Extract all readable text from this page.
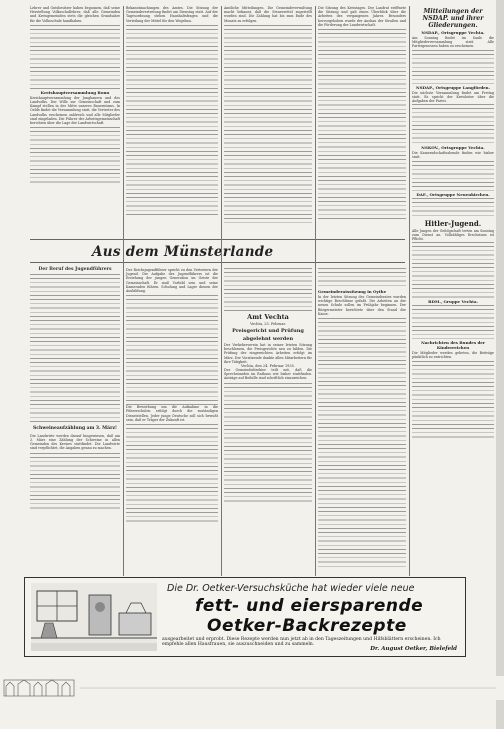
Lehrer und Gutsbesitzer haben begonnen, daß seine Herstellung Volksschullehrer, daß alle Gemeinden und Kreisgemeinden stets die gleichen Grundsätze für die Volksschule handhaben.
Kreishauptversammlung Bonn
Kreishauptversammlung der Jungbauern und des Landvolks. Der Wille zur Gemeinschaft und zum Kampf stellen in der Mitte unseres Bauerntums. In Oelde findet die Versammlung statt, die Vertreter des Landvolks erscheinen zahlreich und alle Mitglieder sind eingeladen. Die Führer der Arbeitsgemeinschaft berichten über die Lage der Landwirtschaft.
Aus dem Münsterlande
Der Beruf des Jugendführers
Schweineaufzählung am 3. März!
Die Landwirte werden darauf hingewiesen, daß am 3. März eine Zählung der Schweine in allen Gemeinden des Kreises stattfindet. Die Landwirte sind verpflichtet, die Angaben genau zu machen.
Bekanntmachungen des Amtes. Die Sitzung der Gemeindevertretung findet am Dienstag statt. Auf der Tagesordnung stehen Haushaltsfragen und die Verteilung der Mittel für den Wegebau.
Der Reichsjugendführer spricht zu den Vertretern der Jugend. Die Aufgabe des Jugendführers ist die Erziehung der jungen Generation im Geiste der Gemeinschaft. Er muß Vorbild sein und seine Kameraden führen. Schulung und Lager dienen der Ausbildung.
Die Bewerbung um die Aufnahme in die Führerschulen erfolgt durch die zuständigen Dienststellen. Jeder junge Deutsche soll sich bewußt sein, daß er Träger der Zukunft ist.
Amtliche Mitteilungen. Die Gemeindeverwaltung macht bekannt, daß die Steuerzettel zugestellt worden sind. Die Zahlung hat bis zum Ende des Monats zu erfolgen.
Amt Vechta
Vechta, 25. Februar.
Preisgericht und Prüfung
abgelehnt werden
Der Verkehrsverein hat in seiner letzten Sitzung beschlossen, die Preisgerichte neu zu bilden. Die Prüfung der eingereichten Arbeiten erfolgt im März. Der Vorsitzende dankte allen Mitarbeitern für ihre Tätigkeit.
Vechta, den 24. Februar 1935.
Der Gemeindedirektor teilt mit, daß die Sprechstunden im Rathaus wie bisher stattfinden. Anträge auf Beihilfe sind schriftlich einzureichen.
Die Sitzung des Kreistages. Der Landrat eröffnete die Sitzung und gab einen Überblick über die Arbeiten des vergangenen Jahres. Besonders hervorgehoben wurde der Ausbau der Straßen und die Förderung der Landwirtschaft.
Gemeinderatssitzung in Oythe
In der letzten Sitzung des Gemeinderates wurden wichtige Beschlüsse gefaßt. Die Arbeiten an der neuen Schule sollen im Frühjahr beginnen. Der Bürgermeister berichtete über den Stand der Kasse.
Mitteilungen der NSDAP. und ihrer Gliederungen.
NSDAP., Ortsgruppe Vechta.
Am Sonntag findet im Saale die Mitgliederversammlung statt. Alle Parteigenossen haben zu erscheinen.
NSDAP., Ortsgruppe Langförden.
Die nächste Versammlung findet am Freitag statt. Es spricht der Kreisleiter über die Aufgaben der Partei.
NSKOV., Ortsgruppe Vechta.
Die Kameradschaftsabende finden wie bisher statt.
DAF., Ortsgruppe Neuenkirchen.
Hitler-Jugend.
Alle Jungen der Gefolgschaft treten am Sonntag zum Dienst an. Vollzähliges Erscheinen ist Pflicht.
BDM., Gruppe Vechta.
Nachrichten des Bundes der Kinderreichen
Die Mitglieder werden gebeten, die Beiträge pünktlich zu entrichten.
Die Dr. Oetker-Versuchsküche hat wieder viele neue
fett- und eiersparende
Oetker-Backrezepte
ausgearbeitet und erprobt. Diese Rezepte werden nun jetzt ab in den Tageszeitungen und Hilfsblättern erscheinen. Ich empfehle allen Hausfrauen, sie auszuschneiden und zu sammeln.
Dr. August Oetker, Bielefeld
